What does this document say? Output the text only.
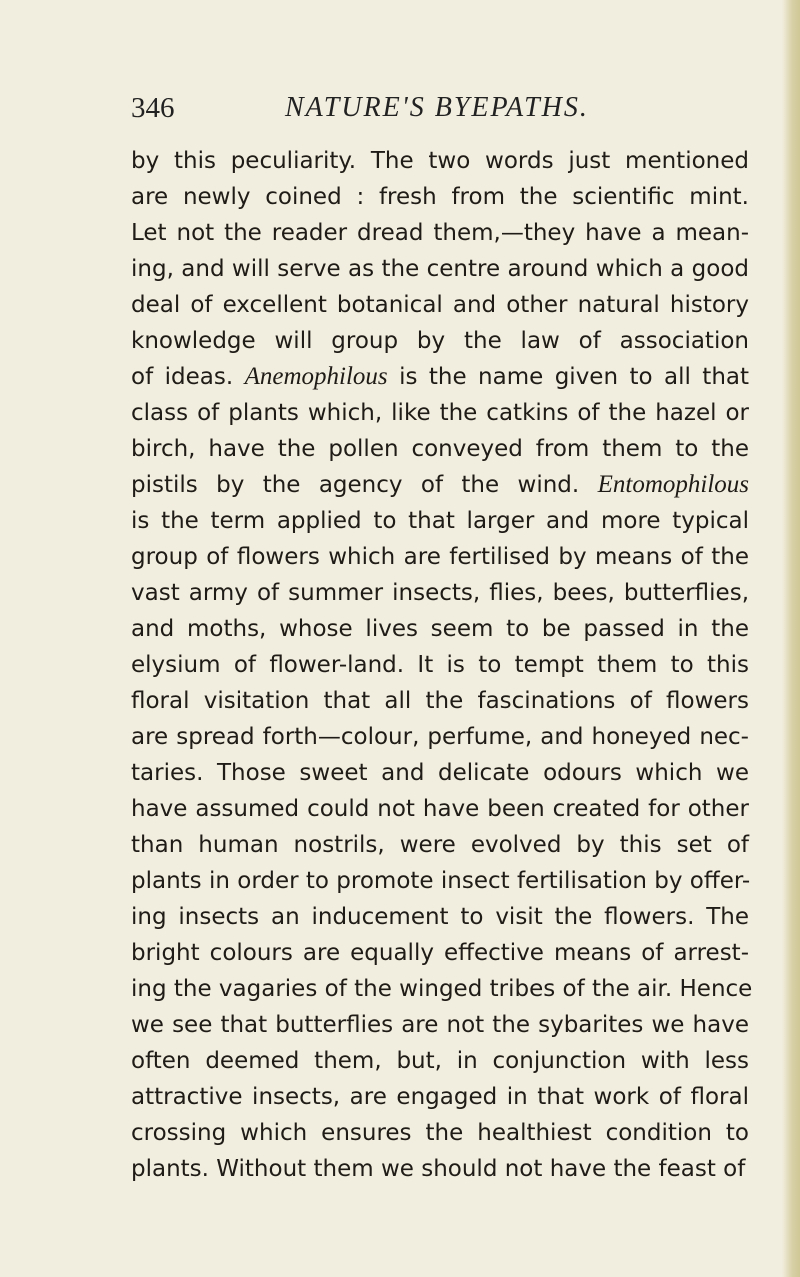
346	NATURE'S BYEPATHS.
by this peculiarity. The two words just mentioned
are newly coined : fresh from the scientific mint.
Let not the reader dread them,—they have a mean-
ing, and will serve as the centre around which a good
deal of excellent botanical and other natural history
knowledge will group by the law of association
of ideas. Anemophilous is the name given to all that
class of plants which, like the catkins of the hazel or
birch, have the pollen conveyed from them to the
pistils by the agency of the wind. Entomophilous
is the term applied to that larger and more typical
group of flowers which are fertilised by means of the
vast army of summer insects, flies, bees, butterflies,
and moths, whose lives seem to be passed in the
elysium of flower-land. It is to tempt them to this
floral visitation that all the fascinations of flowers
are spread forth—colour, perfume, and honeyed nec-
taries. Those sweet and delicate odours which we
have assumed could not have been created for other
than human nostrils, were evolved by this set of
plants in order to promote insect fertilisation by offer-
ing insects an inducement to visit the flowers. The
bright colours are equally effective means of arrest-
ing the vagaries of the winged tribes of the air. Hence
we see that butterflies are not the sybarites we have
often deemed them, but, in conjunction with less
attractive insects, are engaged in that work of floral
crossing which ensures the healthiest condition to
plants. Without them we should not have the feast of
